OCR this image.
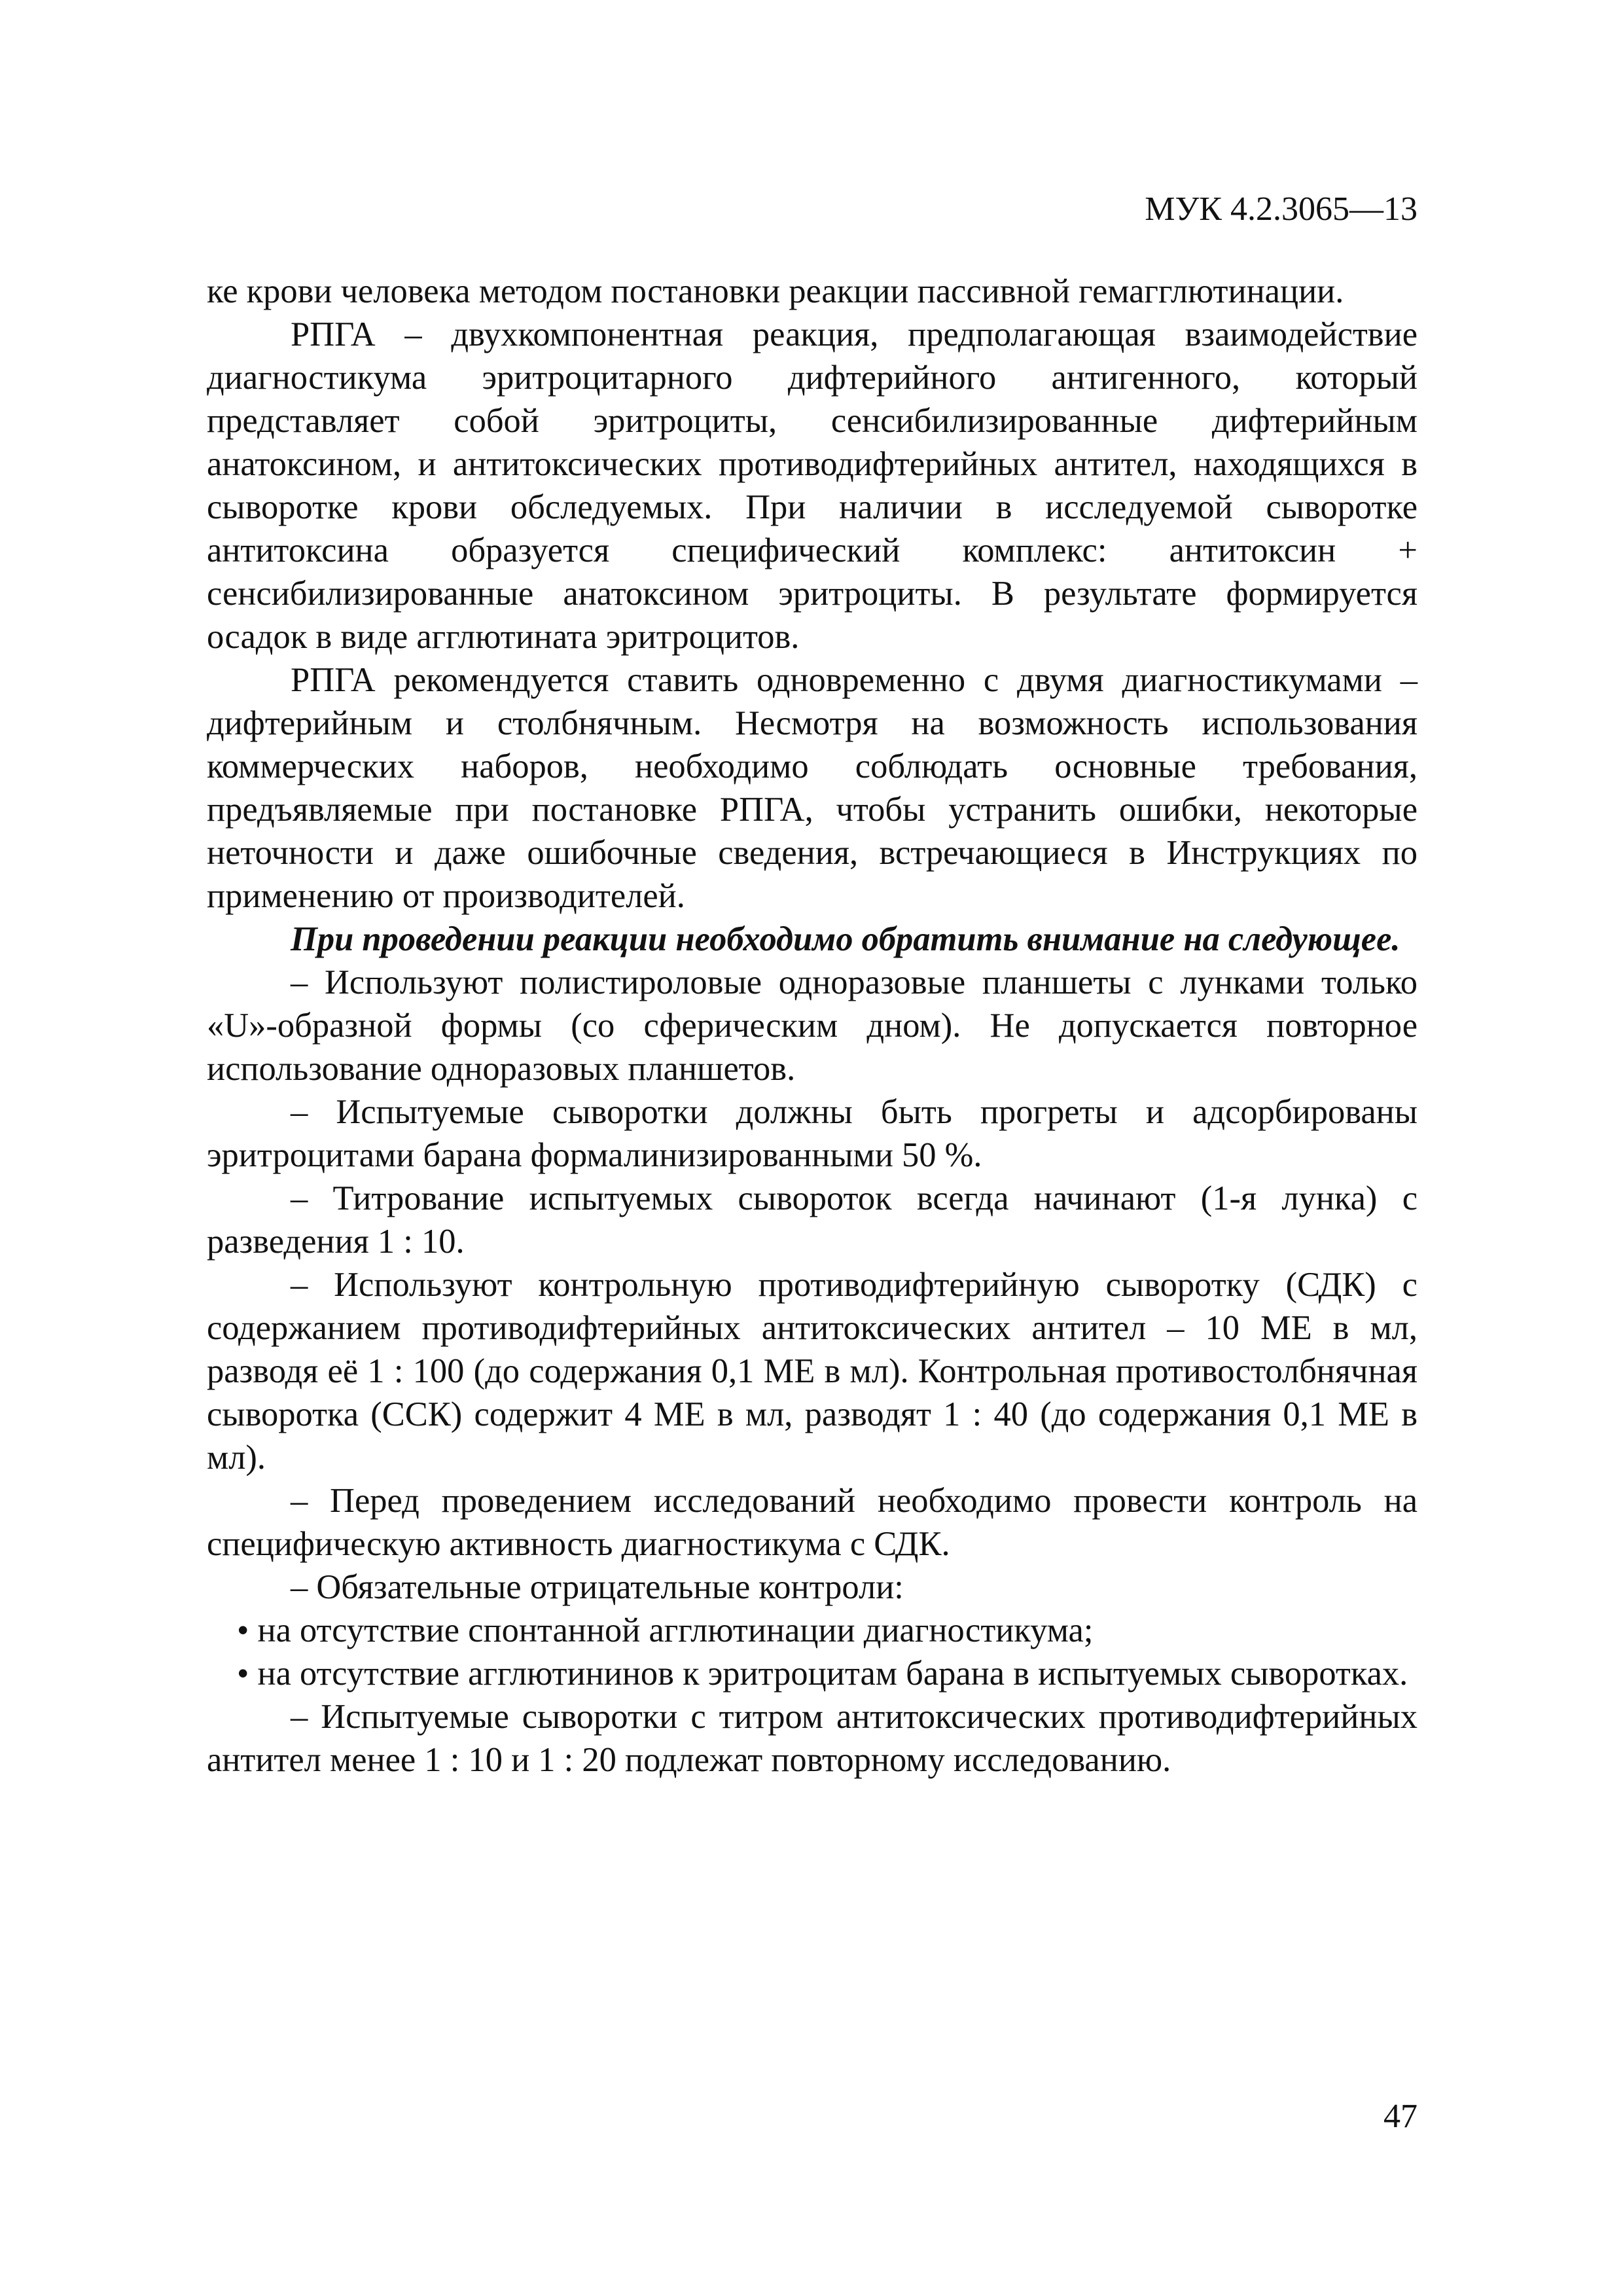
МУК 4.2.3065—13

ке крови человека методом постановки реакции пассивной гемагглютинации.

РПГА – двухкомпонентная реакция, предполагающая взаимодействие диагностикума эритроцитарного дифтерийного антигенного, который представляет собой эритроциты, сенсибилизированные дифтерийным анатоксином, и антитоксических противодифтерийных антител, находящихся в сыворотке крови обследуемых. При наличии в исследуемой сыворотке антитоксина образуется специфический комплекс: антитоксин + сенсибилизированные анатоксином эритроциты. В результате формируется осадок в виде агглютината эритроцитов.

РПГА рекомендуется ставить одновременно с двумя диагностикумами – дифтерийным и столбнячным. Несмотря на возможность использования коммерческих наборов, необходимо соблюдать основные требования, предъявляемые при постановке РПГА, чтобы устранить ошибки, некоторые неточности и даже ошибочные сведения, встречающиеся в Инструкциях по применению от производителей.

При проведении реакции необходимо обратить внимание на следующее.

– Используют полистироловые одноразовые планшеты с лунками только «U»-образной формы (со сферическим дном). Не допускается повторное использование одноразовых планшетов.

– Испытуемые сыворотки должны быть прогреты и адсорбированы эритроцитами барана формалинизированными 50 %.

– Титрование испытуемых сывороток всегда начинают (1-я лунка) с разведения 1 : 10.

– Используют контрольную противодифтерийную сыворотку (СДК) с содержанием противодифтерийных антитоксических антител – 10 МЕ в мл, разводя её 1 : 100 (до содержания 0,1 МЕ в мл). Контрольная противостолбнячная сыворотка (ССК) содержит 4 МЕ в мл, разводят 1 : 40 (до содержания 0,1 МЕ в мл).

– Перед проведением исследований необходимо провести контроль на специфическую активность диагностикума с СДК.

– Обязательные отрицательные контроли:

• на отсутствие спонтанной агглютинации диагностикума;

• на отсутствие агглютининов к эритроцитам барана в испытуемых сыворотках.

– Испытуемые сыворотки с титром антитоксических противодифтерийных антител менее 1 : 10 и 1 : 20 подлежат повторному исследованию.

47
